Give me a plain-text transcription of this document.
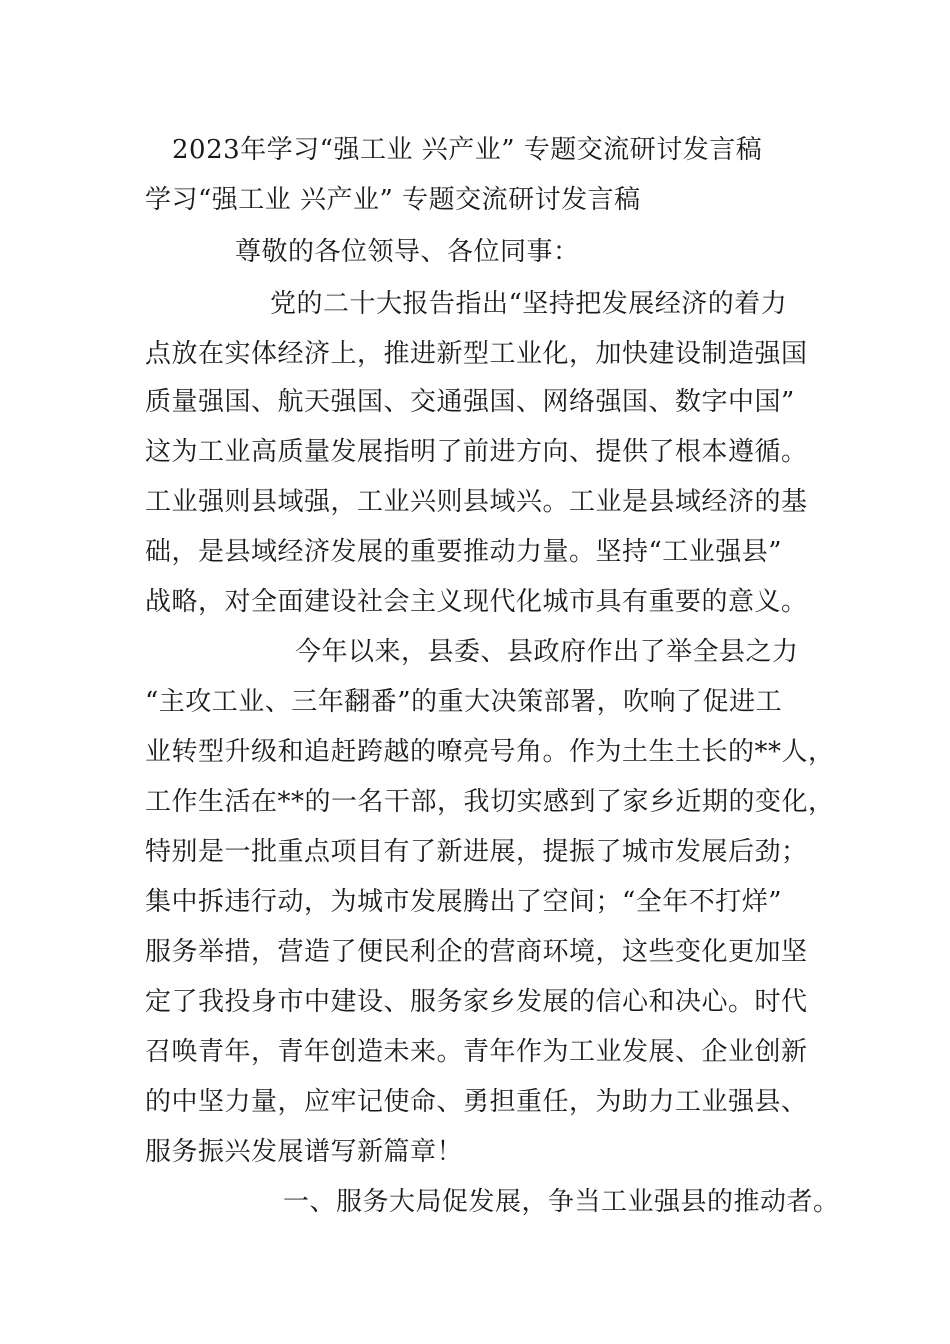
2023年学习“强工业 兴产业” 专题交流研讨发言稿
学习“强工业 兴产业” 专题交流研讨发言稿
尊敬的各位领导、各位同事：
党的二十大报告指出“坚持把发展经济的着力
点放在实体经济上，推进新型工业化，加快建设制造强国
质量强国、航天强国、交通强国、网络强国、数字中国”
这为工业高质量发展指明了前进方向、提供了根本遵循。
工业强则县域强，工业兴则县域兴。工业是县域经济的基
础，是县域经济发展的重要推动力量。坚持“工业强县”
战略，对全面建设社会主义现代化城市具有重要的意义。
今年以来，县委、县政府作出了举全县之力
“主攻工业、三年翻番”的重大决策部署，吹响了促进工
业转型升级和追赶跨越的嘹亮号角。作为土生土长的**人，
工作生活在**的一名干部，我切实感到了家乡近期的变化，
特别是一批重点项目有了新进展，提振了城市发展后劲；
集中拆违行动，为城市发展腾出了空间；“全年不打烊”
服务举措，营造了便民利企的营商环境，这些变化更加坚
定了我投身市中建设、服务家乡发展的信心和决心。时代
召唤青年，青年创造未来。青年作为工业发展、企业创新
的中坚力量，应牢记使命、勇担重任，为助力工业强县、
服务振兴发展谱写新篇章！
一、服务大局促发展，争当工业强县的推动者。
